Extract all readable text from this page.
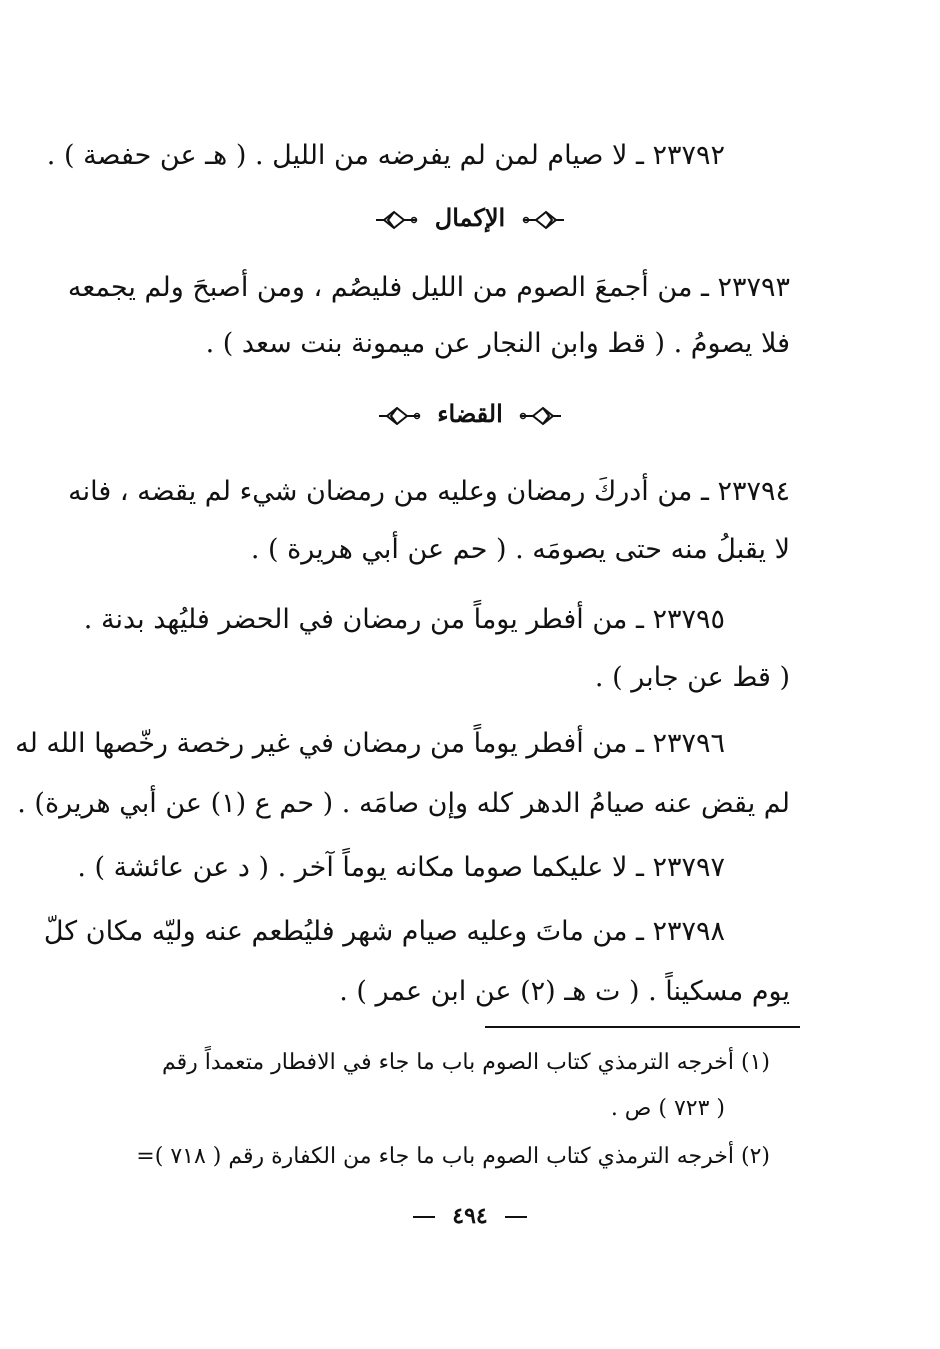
٢٣٧٩٢ ـ لا صيام لمن لم يفرضه من الليل . ( هـ عن حفصة ) .
الإكمال
٢٣٧٩٣ ـ من أجمعَ الصوم من الليل فليصُم ، ومن أصبحَ ولم يجمعه
فلا يصومُ . ( قط وابن النجار عن ميمونة بنت سعد ) .
القضاء
٢٣٧٩٤ ـ من أدركَ رمضان وعليه من رمضان شيء لم يقضه ، فانه
لا يقبلُ منه حتى يصومَه . ( حم عن أبي هريرة ) .
٢٣٧٩٥ ـ من أفطر يوماً من رمضان في الحضر فليُهد بدنة .
( قط عن جابر ) .
٢٣٧٩٦ ـ من أفطر يوماً من رمضان في غير رخصة رخّصها الله له
لم يقض عنه صيامُ الدهر كله وإن صامَه . ( حم ع (١) عن أبي هريرة) .
٢٣٧٩٧ ـ لا عليكما صوما مكانه يوماً آخر . ( د عن عائشة ) .
٢٣٧٩٨ ـ من ماتَ وعليه صيام شهر فليُطعم عنه وليّه مكان كلّ
يوم مسكيناً . ( ت هـ (٢) عن ابن عمر ) .
(١) أخرجه الترمذي كتاب الصوم باب ما جاء في الافطار متعمداً رقم
( ٧٢٣ ) ص .
(٢) أخرجه الترمذي كتاب الصوم باب ما جاء من الكفارة رقم ( ٧١٨ )=
٤٩٤
